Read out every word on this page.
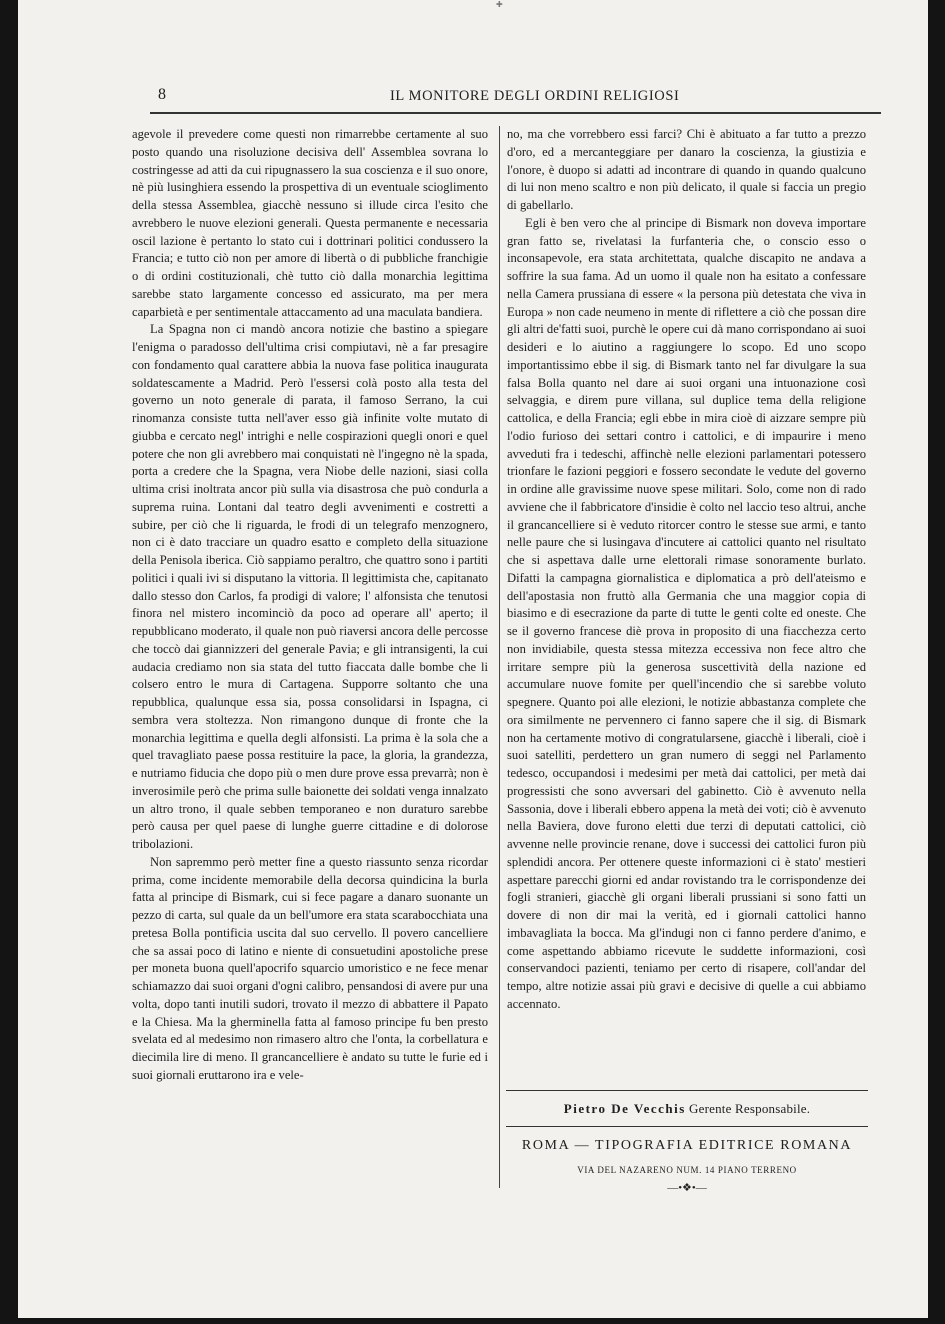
✚
8	IL MONITORE DEGLI ORDINI RELIGIOSI

agevole il prevedere come questi non rimarrebbe certamente al suo posto quando una risoluzione decisiva dell' Assemblea sovrana lo costringesse ad atti da cui ripugnassero la sua coscienza e il suo onore, nè più lusinghiera essendo la prospettiva di un eventuale scioglimento della stessa Assemblea, giacchè nessuno si illude circa l'esito che avrebbero le nuove elezioni generali. Questa permanente e necessaria oscil lazione è pertanto lo stato cui i dottrinari politici condussero la Francia; e tutto ciò non per amore di libertà o di pubbliche franchigie o di ordini costituzionali, chè tutto ciò dalla monarchia legittima sarebbe stato largamente concesso ed assicurato, ma per mera caparbietà e per sentimentale attaccamento ad una maculata bandiera.

La Spagna non ci mandò ancora notizie che bastino a spiegare l'enigma o paradosso dell'ultima crisi compiutavi, nè a far presagire con fondamento qual carattere abbia la nuova fase politica inaugurata soldatescamente a Madrid. Però l'essersi colà posto alla testa del governo un noto generale di parata, il famoso Serrano, la cui rinomanza consiste tutta nell'aver esso già infinite volte mutato di giubba e cercato negl' intrighi e nelle cospirazioni quegli onori e quel potere che non gli avrebbero mai conquistati nè l'ingegno nè la spada, porta a credere che la Spagna, vera Niobe delle nazioni, siasi colla ultima crisi inoltrata ancor più sulla via disastrosa che può condurla a suprema ruina. Lontani dal teatro degli avvenimenti e costretti a subire, per ciò che li riguarda, le frodi di un telegrafo menzognero, non ci è dato tracciare un quadro esatto e completo della situazione della Penisola iberica. Ciò sappiamo peraltro, che quattro sono i partiti politici i quali ivi si disputano la vittoria. Il legittimista che, capitanato dallo stesso don Carlos, fa prodigi di valore; l' alfonsista che tenutosi finora nel mistero incominciò da poco ad operare all' aperto; il repubblicano moderato, il quale non può riaversi ancora delle percosse che toccò dai giannizzeri del generale Pavia; e gli intransigenti, la cui audacia crediamo non sia stata del tutto fiaccata dalle bombe che li colsero entro le mura di Cartagena. Supporre soltanto che una repubblica, qualunque essa sia, possa consolidarsi in Ispagna, ci sembra vera stoltezza. Non rimangono dunque di fronte che la monarchia legittima e quella degli alfonsisti. La prima è la sola che a quel travagliato paese possa restituire la pace, la gloria, la grandezza, e nutriamo fiducia che dopo più o men dure prove essa prevarrà; non è inverosimile però che prima sulle baionette dei soldati venga innalzato un altro trono, il quale sebben temporaneo e non duraturo sarebbe però causa per quel paese di lunghe guerre cittadine e di dolorose tribolazioni.

Non sapremmo però metter fine a questo riassunto senza ricordar prima, come incidente memorabile della decorsa quindicina la burla fatta al principe di Bismark, cui si fece pagare a danaro suonante un pezzo di carta, sul quale da un bell'umore era stata scarabocchiata una pretesa Bolla pontificia uscita dal suo cervello. Il povero cancelliere che sa assai poco di latino e niente di consuetudini apostoliche prese per moneta buona quell'apocrifo squarcio umoristico e ne fece menar schiamazzo dai suoi organi d'ogni calibro, pensandosi di avere pur una volta, dopo tanti inutili sudori, trovato il mezzo di abbattere il Papato e la Chiesa. Ma la gherminella fatta al famoso principe fu ben presto svelata ed al medesimo non rimasero altro che l'onta, la corbellatura e diecimila lire di meno. Il grancancelliere è andato su tutte le furie ed i suoi giornali eruttarono ira e vele-

no, ma che vorrebbero essi farci? Chi è abituato a far tutto a prezzo d'oro, ed a mercanteggiare per danaro la coscienza, la giustizia e l'onore, è duopo si adatti ad incontrare di quando in quando qualcuno di lui non meno scaltro e non più delicato, il quale si faccia un pregio di gabellarlo.

Egli è ben vero che al principe di Bismark non doveva importare gran fatto se, rivelatasi la furfanteria che, o conscio esso o inconsapevole, era stata architettata, qualche discapito ne andava a soffrire la sua fama. Ad un uomo il quale non ha esitato a confessare nella Camera prussiana di essere « la persona più detestata che viva in Europa » non cade neumeno in mente di riflettere a ciò che possan dire gli altri de'fatti suoi, purchè le opere cui dà mano corrispondano ai suoi desideri e lo aiutino a raggiungere lo scopo. Ed uno scopo importantissimo ebbe il sig. di Bismark tanto nel far divulgare la sua falsa Bolla quanto nel dare ai suoi organi una intuonazione così selvaggia, e direm pure villana, sul duplice tema della religione cattolica, e della Francia; egli ebbe in mira cioè di aizzare sempre più l'odio furioso dei settari contro i cattolici, e di impaurire i meno avveduti fra i tedeschi, affinchè nelle elezioni parlamentari potessero trionfare le fazioni peggiori e fossero secondate le vedute del governo in ordine alle gravissime nuove spese militari. Solo, come non di rado avviene che il fabbricatore d'insidie è colto nel laccio teso altrui, anche il grancancelliere si è veduto ritorcer contro le stesse sue armi, e tanto nelle paure che si lusingava d'incutere ai cattolici quanto nel risultato che si aspettava dalle urne elettorali rimase sonoramente burlato. Difatti la campagna giornalistica e diplomatica a prò dell'ateismo e dell'apostasia non fruttò alla Germania che una maggior copia di biasimo e di esecrazione da parte di tutte le genti colte ed oneste. Che se il governo francese diè prova in proposito di una fiacchezza certo non invidiabile, questa stessa mitezza eccessiva non fece altro che irritare sempre più la generosa suscettività della nazione ed accumulare nuove fomite per quell'incendio che si sarebbe voluto spegnere. Quanto poi alle elezioni, le notizie abbastanza complete che ora similmente ne pervennero ci fanno sapere che il sig. di Bismark non ha certamente motivo di congratularsene, giacchè i liberali, cioè i suoi satelliti, perdettero un gran numero di seggi nel Parlamento tedesco, occupandosi i medesimi per metà dai cattolici, per metà dai progressisti che sono avversari del gabinetto. Ciò è avvenuto nella Sassonia, dove i liberali ebbero appena la metà dei voti; ciò è avvenuto nella Baviera, dove furono eletti due terzi di deputati cattolici, ciò avvenne nelle provincie renane, dove i successi dei cattolici furon più splendidi ancora. Per ottenere queste informazioni ci è stato' mestieri aspettare parecchi giorni ed andar rovistando tra le corrispondenze dei fogli stranieri, giacchè gli organi liberali prussiani si sono fatti un dovere di non dir mai la verità, ed i giornali cattolici hanno imbavagliata la bocca. Ma gl'indugi non ci fanno perdere d'animo, e come aspettando abbiamo ricevute le suddette informazioni, così conservandoci pazienti, teniamo per certo di risapere, coll'andar del tempo, altre notizie assai più gravi e decisive di quelle a cui abbiamo accennato.

Pietro De Vecchis Gerente Responsabile.
ROMA — TIPOGRAFIA EDITRICE ROMANA
VIA DEL NAZARENO NUM. 14 PIANO TERRENO
—•❖•—
